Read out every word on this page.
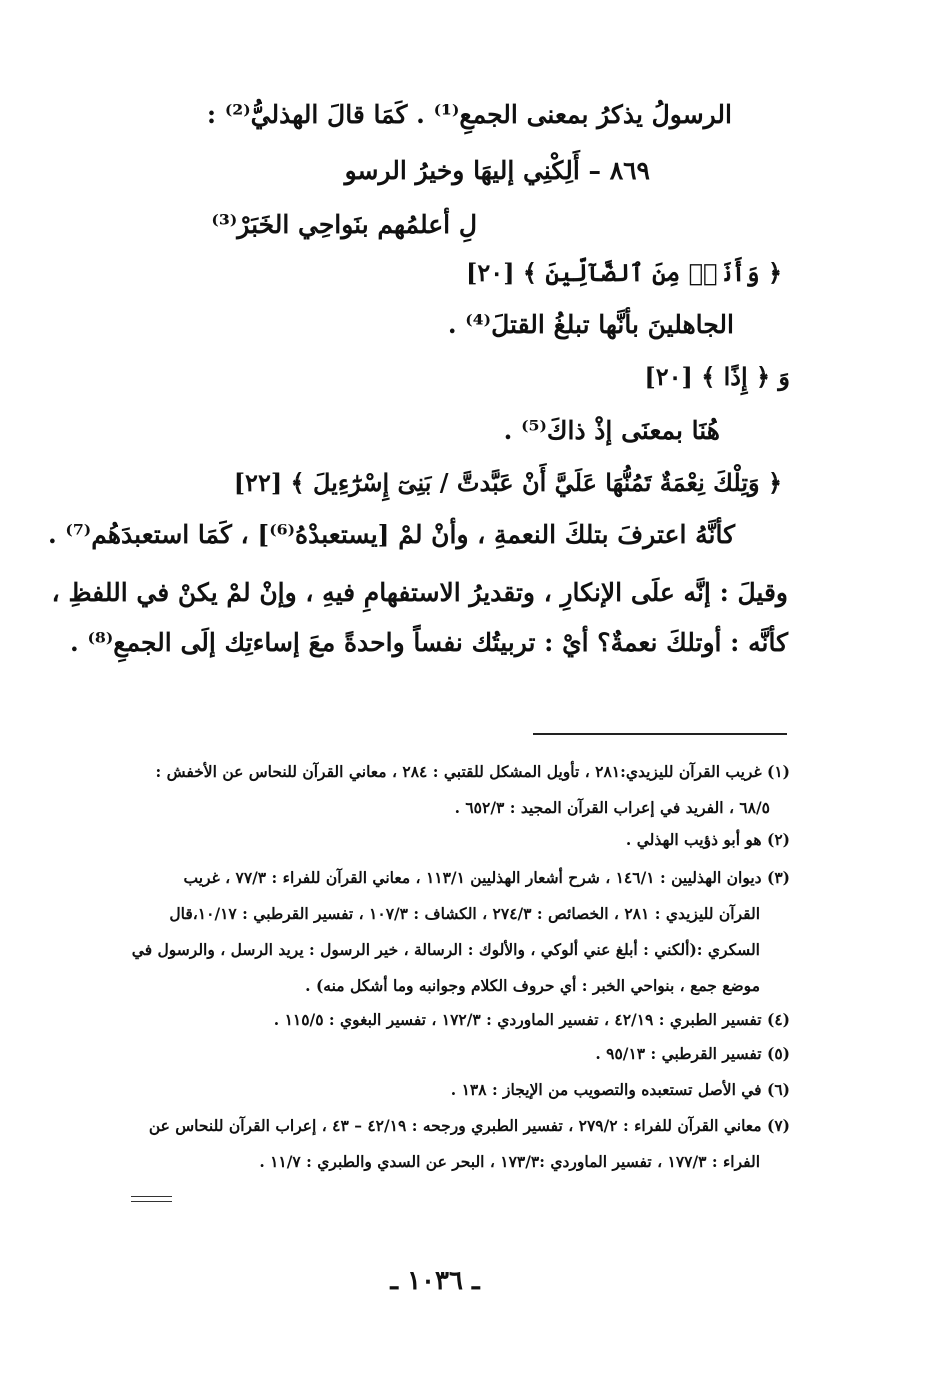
الرسولُ يذكرُ بمعنى الجمعِ⁽¹⁾ . كَمَا قالَ الهذليُّ⁽²⁾ :
٨٦٩ – أَلِكْنِي إليهَا وخيرُ الرسو
لِ أعلمُهم بنَواحِي الخَبَرْ⁽³⁾
﴿ وَأَنَا۠ مِنَ ٱلضَّآلِّينَ ﴾ [٢٠]
الجاهلينَ بأنَّها تبلغُ القتلَ⁽⁴⁾ .
وَ ﴿ إِذًا ﴾ [٢٠]
هُنَا بمعنَى إذْ ذاكَ⁽⁵⁾ .
﴿ وَتِلْكَ نِعْمَةٌ تَمُنُّهَا عَلَيَّ أَنْ عَبَّدتَّ / بَنِىٓ إِسْرَٰٓءِيلَ ﴾ [٢٢]
كأنَّهُ اعترفَ بتلكَ النعمةِ ، وأنْ لمْ [يستعبدْهُ⁽⁶⁾] ، كَمَا استعبدَهُم⁽⁷⁾ .
وقيلَ : إنَّه علَى الإنكارِ ، وتقديرُ الاستفهامِ فيهِ ، وإنْ لمْ يكنْ في اللفظِ ،
كأنَّه : أوتلكَ نعمةٌ؟ أيْ : تربيتُك نفساً واحدةً معَ إساءتِك إلَى الجمعِ⁽⁸⁾ .
(١) غريب القرآن لليزيدي:٢٨١ ، تأويل المشكل للقتبي : ٢٨٤ ، معاني القرآن للنحاس عن الأخفش :
٦٨/٥ ، الفريد في إعراب القرآن المجيد : ٦٥٢/٣ .
(٢) هو أبو ذؤيب الهذلي .
(٣) ديوان الهذليين : ١٤٦/١ ، شرح أشعار الهذليين ١١٣/١ ، معاني القرآن للفراء : ٧٧/٣ ، غريب
القرآن لليزيدي : ٢٨١ ، الخصائص : ٢٧٤/٣ ، الكشاف : ١٠٧/٣ ، تفسير القرطبي : ١٠/١٧،قال
السكري :(ألكني : أبلغ عني ألوكي ، والألوك : الرسالة ، خير الرسول : يريد الرسل ، والرسول في
موضع جمع ، بنواحي الخبر : أي حروف الكلام وجوانبه وما أشكل منه) .
(٤) تفسير الطبري : ٤٢/١٩ ، تفسير الماوردي : ١٧٢/٣ ، تفسير البغوي : ١١٥/٥ .
(٥) تفسير القرطبي : ٩٥/١٣ .
(٦) في الأصل تستعبده والتصويب من الإيجاز : ١٣٨ .
(٧) معاني القرآن للفراء : ٢٧٩/٢ ، تفسير الطبري ورجحه : ٤٢/١٩ – ٤٣ ، إعراب القرآن للنحاس عن
الفراء : ١٧٧/٣ ، تفسير الماوردي :١٧٣/٣ ، البحر عن السدي والطبري : ١١/٧ .
ـ ١٠٣٦ ـ
